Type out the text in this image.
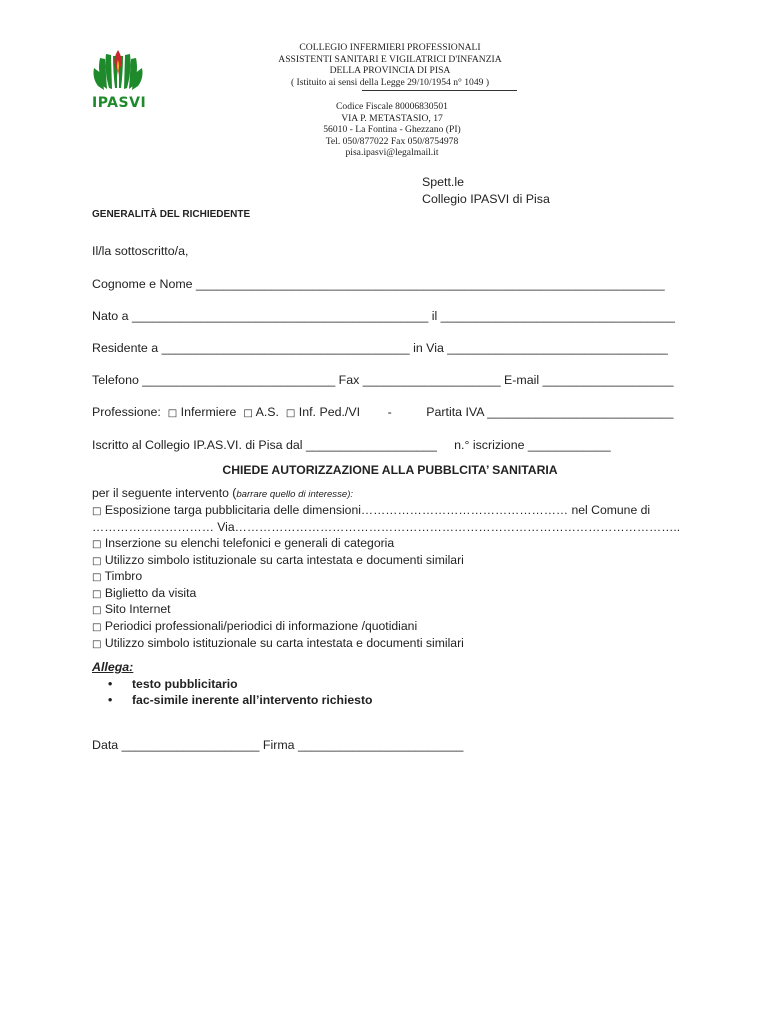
IPASVI
COLLEGIO INFERMIERI PROFESSIONALI
ASSISTENTI SANITARI E VIGILATRICI D'INFANZIA
DELLA PROVINCIA DI PISA
( Istituito ai sensi della Legge 29/10/1954 n° 1049 )
Codice Fiscale 80006830501
VIA P. METASTASIO, 17
56010 - La Fontina - Ghezzano (PI)
Tel. 050/877022 Fax 050/8754978
pisa.ipasvi@legalmail.it
Spett.le
Collegio IPASVI di Pisa
GENERALITÀ DEL RICHIEDENTE
Il/la sottoscritto/a,
Cognome e Nome ____________________________________________________________________
Nato a ___________________________________________ il __________________________________
Residente a ____________________________________ in Via ________________________________
Telefono ____________________________ Fax ____________________ E-mail ___________________
Professione: □ Infermiere □ A.S. □ Inf. Ped./VI -	Partita IVA ___________________________
Iscritto al Collegio IP.AS.VI. di Pisa dal ___________________ n.° iscrizione ____________
CHIEDE AUTORIZZAZIONE ALLA PUBBLCITA’ SANITARIA
per il seguente intervento (barrare quello di interesse):
□ Esposizione targa pubblicitaria delle dimensioni…………………………………………… nel Comune di
………………………… Via………………………………………………………………………………………………..
□ Inserzione su elenchi telefonici e generali di categoria
□ Utilizzo simbolo istituzionale su carta intestata e documenti similari
□ Timbro
□ Biglietto da visita
□ Sito Internet
□ Periodici professionali/periodici di informazione /quotidiani
□ Utilizzo simbolo istituzionale su carta intestata e documenti similari
Allega:
• testo pubblicitario
• fac-simile inerente all’intervento richiesto
Data ____________________ Firma ________________________
